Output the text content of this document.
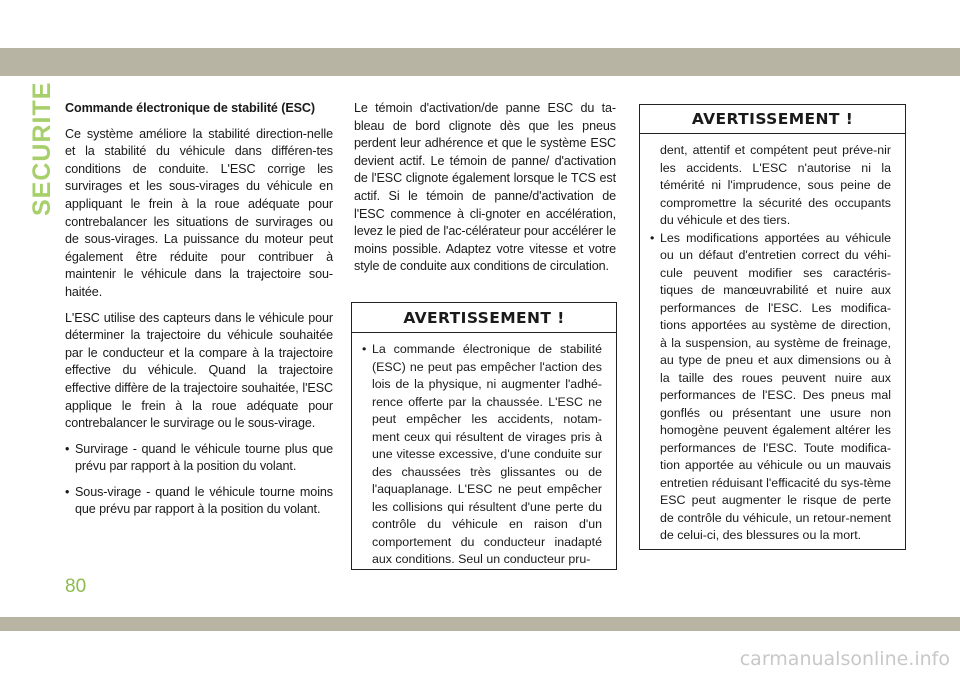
SECURITE Commande électronique de stabilité (ESC)

Ce système améliore la stabilité direction-nelle et la stabilité du véhicule dans différen-tes conditions de conduite. L'ESC corrige les survirages et les sous-virages du véhicule en appliquant le frein à la roue adéquate pour contrebalancer les situations de survirages ou de sous-virages. La puissance du moteur peut également être réduite pour contribuer à maintenir le véhicule dans la trajectoire sou-haitée.

L'ESC utilise des capteurs dans le véhicule pour déterminer la trajectoire du véhicule souhaitée par le conducteur et la compare à la trajectoire effective du véhicule. Quand la trajectoire effective diffère de la trajectoire souhaitée, l'ESC applique le frein à la roue adéquate pour contrebalancer le survirage ou le sous-virage.

• Survirage - quand le véhicule tourne plus que prévu par rapport à la position du volant.
• Sous-virage - quand le véhicule tourne moins que prévu par rapport à la position du volant.

Le témoin d'activation/de panne ESC du ta-bleau de bord clignote dès que les pneus perdent leur adhérence et que le système ESC devient actif. Le témoin de panne/ d'activation de l'ESC clignote également lorsque le TCS est actif. Si le témoin de panne/d'activation de l'ESC commence à cli-gnoter en accélération, levez le pied de l'ac-célérateur pour accélérer le moins possible. Adaptez votre vitesse et votre style de conduite aux conditions de circulation.

AVERTISSEMENT !
• La commande électronique de stabilité (ESC) ne peut pas empêcher l'action des lois de la physique, ni augmenter l'adhé-rence offerte par la chaussée. L'ESC ne peut empêcher les accidents, notam-ment ceux qui résultent de virages pris à une vitesse excessive, d'une conduite sur des chaussées très glissantes ou de l'aquaplanage. L'ESC ne peut empêcher les collisions qui résultent d'une perte du contrôle du véhicule en raison d'un comportement du conducteur inadapté aux conditions. Seul un conducteur pru-
AVERTISSEMENT !

dent, attentif et compétent peut préve-nir les accidents. L'ESC n'autorise ni la témérité ni l'imprudence, sous peine de compromettre la sécurité des occupants du véhicule et des tiers.

• Les modifications apportées au véhicule ou un défaut d'entretien correct du véhi-cule peuvent modifier ses caractéris-tiques de manœuvrabilité et nuire aux performances de l'ESC. Les modifica-tions apportées au système de direction, à la suspension, au système de freinage, au type de pneu et aux dimensions ou à la taille des roues peuvent nuire aux performances de l'ESC. Des pneus mal gonflés ou présentant une usure non homogène peuvent également altérer les performances de l'ESC. Toute modifica-tion apportée au véhicule ou un mauvais entretien réduisant l'efficacité du sys-tème ESC peut augmenter le risque de perte de contrôle du véhicule, un retour-nement de celui-ci, des blessures ou la mort.
80
carmanualsonline.info
